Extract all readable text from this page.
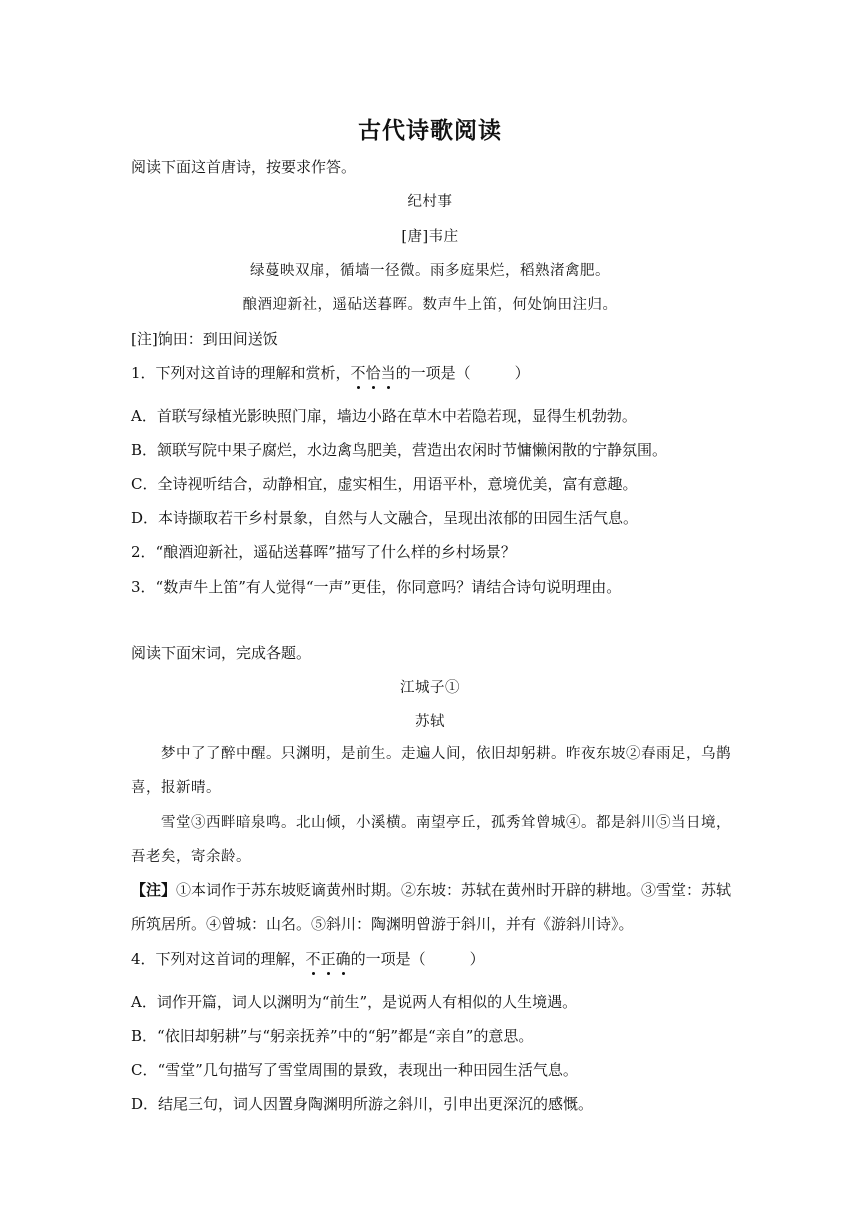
古代诗歌阅读
阅读下面这首唐诗，按要求作答。
纪村事
[唐]韦庄
绿蔓映双扉，循墙一径微。雨多庭果烂，稻熟渚禽肥。
酿酒迎新社，遥砧送暮晖。数声牛上笛，何处饷田注归。
[注]饷田：到田间送饭
1．下列对这首诗的理解和赏析，不恰当的一项是（	）
A．首联写绿植光影映照门扉，墙边小路在草木中若隐若现，显得生机勃勃。
B．颔联写院中果子腐烂，水边禽鸟肥美，营造出农闲时节慵懒闲散的宁静氛围。
C．全诗视听结合，动静相宜，虚实相生，用语平朴，意境优美，富有意趣。
D．本诗撷取若干乡村景象，自然与人文融合，呈现出浓郁的田园生活气息。
2．“酿酒迎新社，遥砧送暮晖”描写了什么样的乡村场景？
3．“数声牛上笛”有人觉得“一声”更佳，你同意吗？请结合诗句说明理由。
阅读下面宋词，完成各题。
江城子①
苏轼
梦中了了醉中醒。只渊明，是前生。走遍人间，依旧却躬耕。昨夜东坡②春雨足，乌鹊
喜，报新晴。
雪堂③西畔暗泉鸣。北山倾，小溪横。南望亭丘，孤秀耸曾城④。都是斜川⑤当日境，
吾老矣，寄余龄。
【注】①本词作于苏东坡贬谪黄州时期。②东坡：苏轼在黄州时开辟的耕地。③雪堂：苏轼
所筑居所。④曾城：山名。⑤斜川：陶渊明曾游于斜川，并有《游斜川诗》。
4．下列对这首词的理解，不正确的一项是（	）
A．词作开篇，词人以渊明为“前生”，是说两人有相似的人生境遇。
B．“依旧却躬耕”与“躬亲抚养”中的“躬”都是“亲自”的意思。
C．“雪堂”几句描写了雪堂周围的景致，表现出一种田园生活气息。
D．结尾三句，词人因置身陶渊明所游之斜川，引申出更深沉的感慨。
